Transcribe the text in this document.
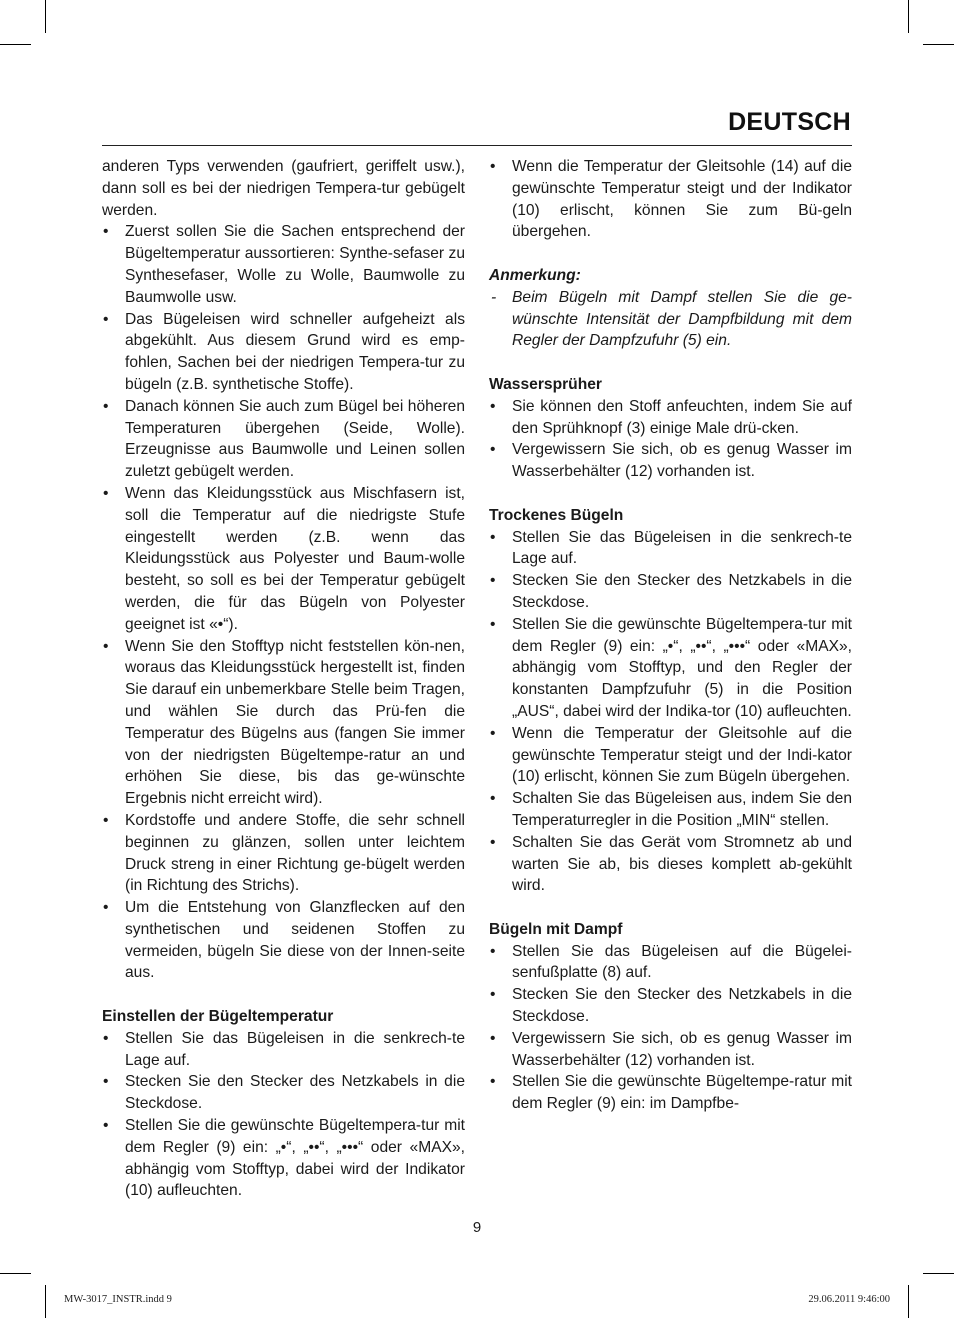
DEUTSCH

anderen Typs verwenden (gaufriert, geriffelt usw.), dann soll es bei der niedrigen Tempera-tur gebügelt werden.

• Zuerst sollen Sie die Sachen entsprechend der Bügeltemperatur aussortieren: Synthe-sefaser zu Synthesefaser, Wolle zu Wolle, Baumwolle zu Baumwolle usw.
• Das Bügeleisen wird schneller aufgeheizt als abgekühlt. Aus diesem Grund wird es emp-fohlen, Sachen bei der niedrigen Tempera-tur zu bügeln (z.B. synthetische Stoffe).
• Danach können Sie auch zum Bügel bei höheren Temperaturen übergehen (Seide, Wolle). Erzeugnisse aus Baumwolle und Leinen sollen zuletzt gebügelt werden.
• Wenn das Kleidungsstück aus Mischfasern ist, soll die Temperatur auf die niedrigste Stufe eingestellt werden (z.B. wenn das Kleidungsstück aus Polyester und Baum-wolle besteht, so soll es bei der Temperatur gebügelt werden, die für das Bügeln von Polyester geeignet ist «•“).
• Wenn Sie den Stofftyp nicht feststellen kön-nen, woraus das Kleidungsstück hergestellt ist, finden Sie darauf ein unbemerkbare Stelle beim Tragen, und wählen Sie durch das Prü-fen die Temperatur des Bügelns aus (fangen Sie immer von der niedrigsten Bügeltempe-ratur an und erhöhen Sie diese, bis das ge-wünschte Ergebnis nicht erreicht wird).
• Kordstoffe und andere Stoffe, die sehr schnell beginnen zu glänzen, sollen unter leichtem Druck streng in einer Richtung ge-bügelt werden (in Richtung des Strichs).
• Um die Entstehung von Glanzflecken auf den synthetischen und seidenen Stoffen zu vermeiden, bügeln Sie diese von der Innen-seite aus.
Einstellen der Bügeltemperatur
• Stellen Sie das Bügeleisen in die senkrech-te Lage auf.
• Stecken Sie den Stecker des Netzkabels in die Steckdose.
• Stellen Sie die gewünschte Bügeltempera-tur mit dem Regler (9) ein: „•“, „••“, „•••“ oder «MAX», abhängig vom Stofftyp, dabei wird der Indikator (10) aufleuchten.
• Wenn die Temperatur der Gleitsohle (14) auf die gewünschte Temperatur steigt und der Indikator (10) erlischt, können Sie zum Bü-geln übergehen.
Anmerkung:
- Beim Bügeln mit Dampf stellen Sie die ge-wünschte Intensität der Dampfbildung mit dem Regler der Dampfzufuhr (5) ein.
Wassersprüher
• Sie können den Stoff anfeuchten, indem Sie auf den Sprühknopf (3) einige Male drü-cken.
• Vergewissern Sie sich, ob es genug Wasser im Wasserbehälter (12) vorhanden ist.
Trockenes Bügeln
• Stellen Sie das Bügeleisen in die senkrech-te Lage auf.
• Stecken Sie den Stecker des Netzkabels in die Steckdose.
• Stellen Sie die gewünschte Bügeltempera-tur mit dem Regler (9) ein: „•“, „••“, „•••“ oder «MAX», abhängig vom Stofftyp, und den Regler der konstanten Dampfzufuhr (5) in die Position „AUS“, dabei wird der Indika-tor (10) aufleuchten.
• Wenn die Temperatur der Gleitsohle auf die gewünschte Temperatur steigt und der Indi-kator (10) erlischt, können Sie zum Bügeln übergehen.
• Schalten Sie das Bügeleisen aus, indem Sie den Temperaturregler in die Position „MIN“ stellen.
• Schalten Sie das Gerät vom Stromnetz ab und warten Sie ab, bis dieses komplett ab-gekühlt wird.
Bügeln mit Dampf
• Stellen Sie das Bügeleisen auf die Bügelei-senfußplatte (8) auf.
• Stecken Sie den Stecker des Netzkabels in die Steckdose.
• Vergewissern Sie sich, ob es genug Wasser im Wasserbehälter (12) vorhanden ist.
• Stellen Sie die gewünschte Bügeltempe-ratur mit dem Regler (9) ein: im Dampfbe-
9
MW-3017_INSTR.indd 9	29.06.2011 9:46:00
